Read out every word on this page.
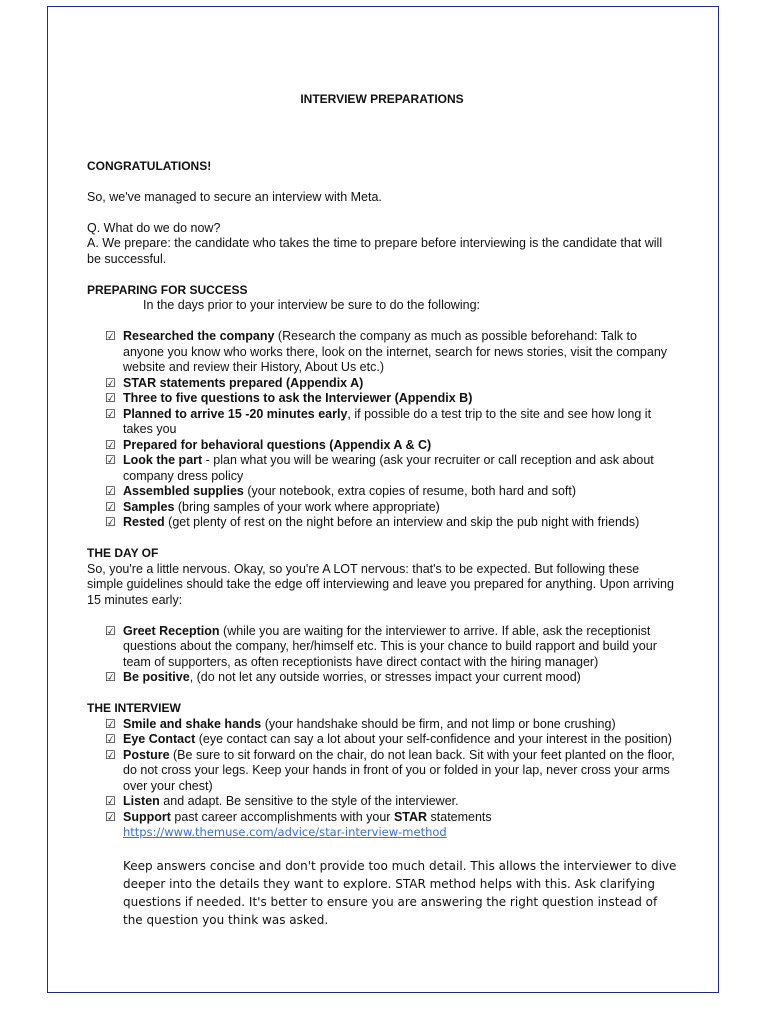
INTERVIEW PREPARATIONS

CONGRATULATIONS!

So, we've managed to secure an interview with Meta.

Q. What do we do now?

A. We prepare: the candidate who takes the time to prepare before interviewing is the candidate that will be successful.

PREPARING FOR SUCCESS

In the days prior to your interview be sure to do the following:

☑ Researched the company (Research the company as much as possible beforehand: Talk to anyone you know who works there, look on the internet, search for news stories, visit the company website and review their History, About Us etc.)
☑ STAR statements prepared (Appendix A)
☑ Three to five questions to ask the Interviewer (Appendix B)
☑ Planned to arrive 15 -20 minutes early, if possible do a test trip to the site and see how long it takes you
☑ Prepared for behavioral questions (Appendix A & C)
☑ Look the part - plan what you will be wearing (ask your recruiter or call reception and ask about company dress policy
☑ Assembled supplies (your notebook, extra copies of resume, both hard and soft)
☑ Samples (bring samples of your work where appropriate)
☑ Rested (get plenty of rest on the night before an interview and skip the pub night with friends)

THE DAY OF

So, you're a little nervous. Okay, so you're A LOT nervous: that's to be expected. But following these simple guidelines should take the edge off interviewing and leave you prepared for anything. Upon arriving 15 minutes early:

☑ Greet Reception (while you are waiting for the interviewer to arrive. If able, ask the receptionist questions about the company, her/himself etc. This is your chance to build rapport and build your team of supporters, as often receptionists have direct contact with the hiring manager)
☑ Be positive, (do not let any outside worries, or stresses impact your current mood)

THE INTERVIEW

☑ Smile and shake hands (your handshake should be firm, and not limp or bone crushing)
☑ Eye Contact (eye contact can say a lot about your self-confidence and your interest in the position)
☑ Posture (Be sure to sit forward on the chair, do not lean back. Sit with your feet planted on the floor, do not cross your legs. Keep your hands in front of you or folded in your lap, never cross your arms over your chest)
☑ Listen and adapt. Be sensitive to the style of the interviewer.
☑ Support past career accomplishments with your STAR statements
https://www.themuse.com/advice/star-interview-method

Keep answers concise and don't provide too much detail. This allows the interviewer to dive deeper into the details they want to explore. STAR method helps with this. Ask clarifying questions if needed. It's better to ensure you are answering the right question instead of the question you think was asked.
